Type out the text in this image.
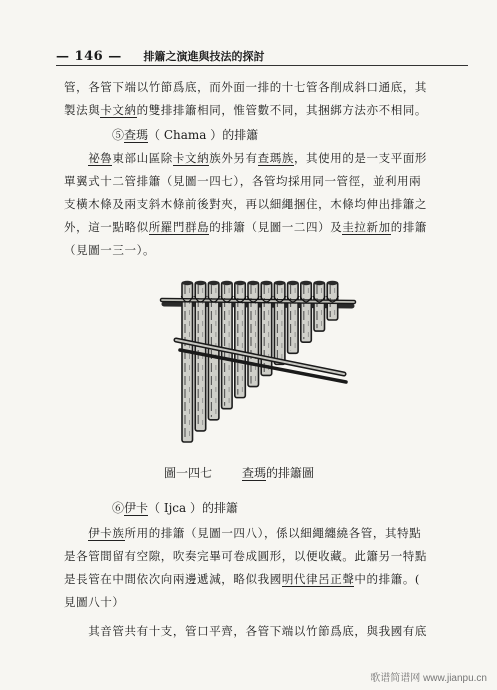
— 146 — 排簫之演進與技法的探討
管，各管下端以竹節爲底，而外面一排的十七管各削成斜口通底，其
製法與卡文納的雙排排簫相同，惟管數不同，其捆綁方法亦不相同。
⑤查瑪（ Chama ）的排簫
　　祕魯東部山區除卡文納族外另有查瑪族，其使用的是一支平面形
單翼式十二管排簫（見圖一四七），各管均採用同一管徑，並利用兩
支橫木條及兩支斜木條前後對夾，再以細繩捆住，木條均伸出排簫之
外，這一點略似所羅門群島的排簫（見圖一二四）及圭拉新加的排簫
（見圖一三一）。
圖一四七	查瑪的排簫圖
⑥伊卡（ Ijca ）的排簫
　　伊卡族所用的排簫（見圖一四八），係以細繩纏繞各管，其特點
是各管間留有空隙，吹奏完畢可卷成圓形，以便收藏。此簫另一特點
是長管在中間依次向兩邊遞減，略似我國明代律呂正聲中的排簫。(
見圖八十）
　　其音管共有十支，管口平齊，各管下端以竹節爲底，與我國有底
歌谱简谱网 www.jianpu.cn
